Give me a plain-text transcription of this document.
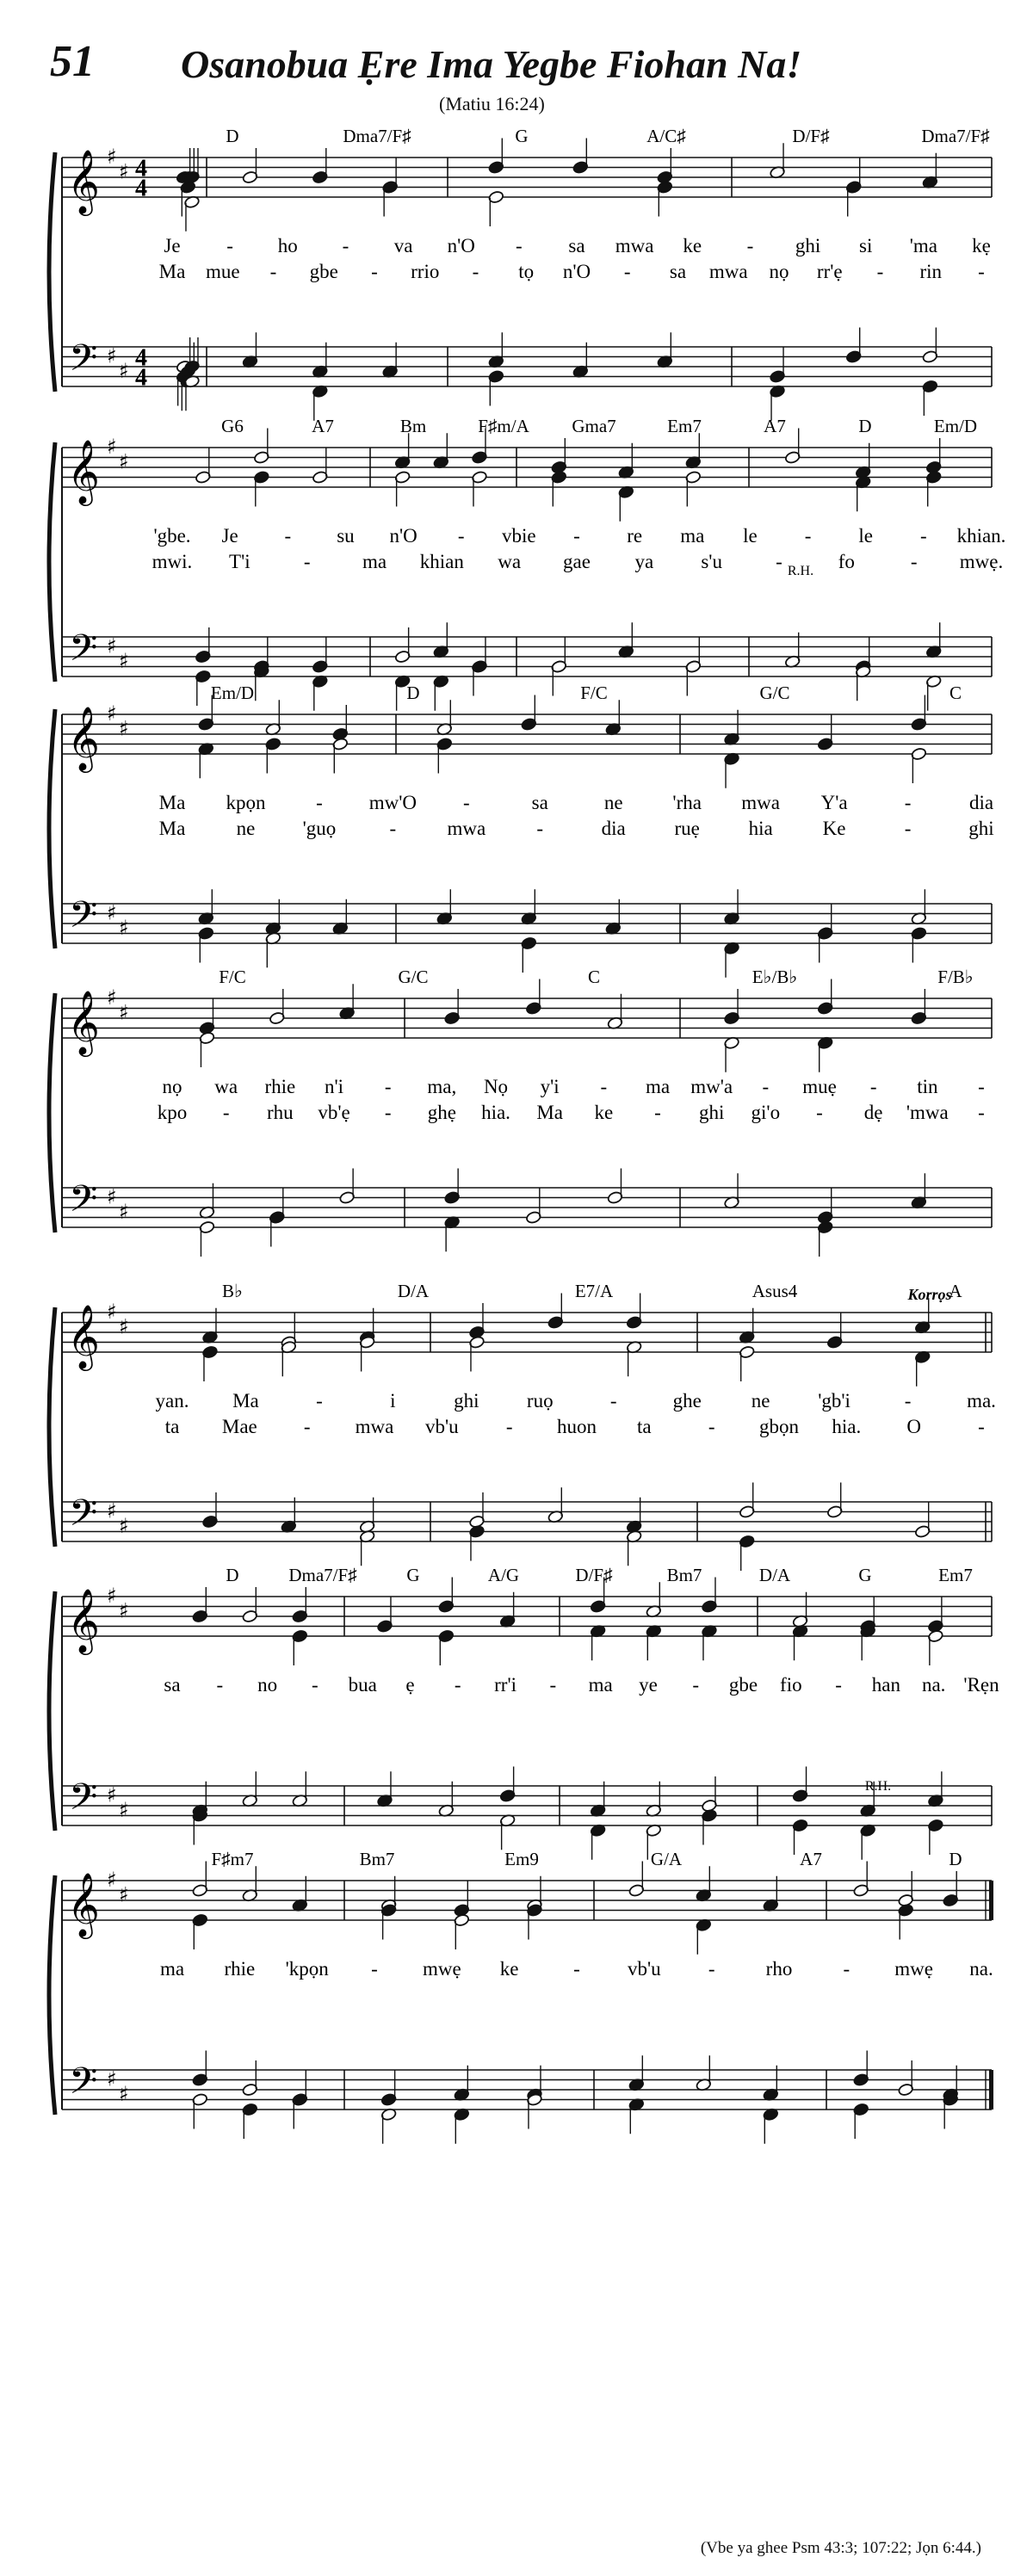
51 Osanobua Ẹre Ima Yegbe Fiohan Na!
(Matiu 16:24)
(Vbe ya ghee Psm 43:3; 107:22; Jọn 6:44.)
𝄞
𝄢
♯
♯
♯
♯
4
4
4
4
D	Dma7/F♯	G	A/C♯	D/F♯	Dma7/F♯
Je - ho - va n'O - sa mwa ke - ghi si 'ma kẹ
Ma mue - gbe - rrio - tọ n'O - sa mwa nọ rr'ẹ - rin -
𝄞
𝄢
♯
♯
♯
♯
G6	A7	Bm	F♯m/A Gma7	Em7	A7	D	Em/D
'gbe. Je - su n'O - vbie - re ma le - le - khian.
mwi. T'i	-	ma khian wa gae ya s'u	-	fo	- mwẹ.
𝄞
𝄢
♯
♯
♯
♯
Em/D	D	F/C	G/C	C
Ma kpọn	- mw'O -	sa	ne	'rha mwa Y'a	-	dia
Ma	ne 'guọ	-	mwa	-	dia ruẹ hia	Ke	-	ghi
𝄞
𝄢
♯
♯
♯
♯
F/C	G/C	C	E♭/B♭	F/B♭
nọ wa rhie n'i - ma, Nọ y'i - ma mw'a - muẹ - tin -
kpo - rhu vb'ẹ - ghẹ hia. Ma ke - ghi gi'o - dẹ 'mwa -
𝄞
𝄢
♯
♯
♯
♯
B♭	D/A	E7/A	Asus4	A
yan. Ma	-	i	ghi ruọ	-	ghe	ne 'gb'i	-	ma.
ta Mae - mwa vb'u - huon ta	- gbọn hia. O	-
𝄞
𝄢
♯
♯
♯
♯
D	Dma7/F♯	G	A/G	D/F♯	Bm7	D/A	G	Em7
sa - no - bua ẹ - rr'i - ma ye - gbe fio - han na. 'Rẹn
𝄞
𝄢
♯
♯
♯
♯
F♯m7	Bm7	Em9	G/A	A7	D
ma rhie 'kpọn - mwẹ ke	- vb'u -	rho	- mwẹ na.
R.H.
Korrọs
R.H.
